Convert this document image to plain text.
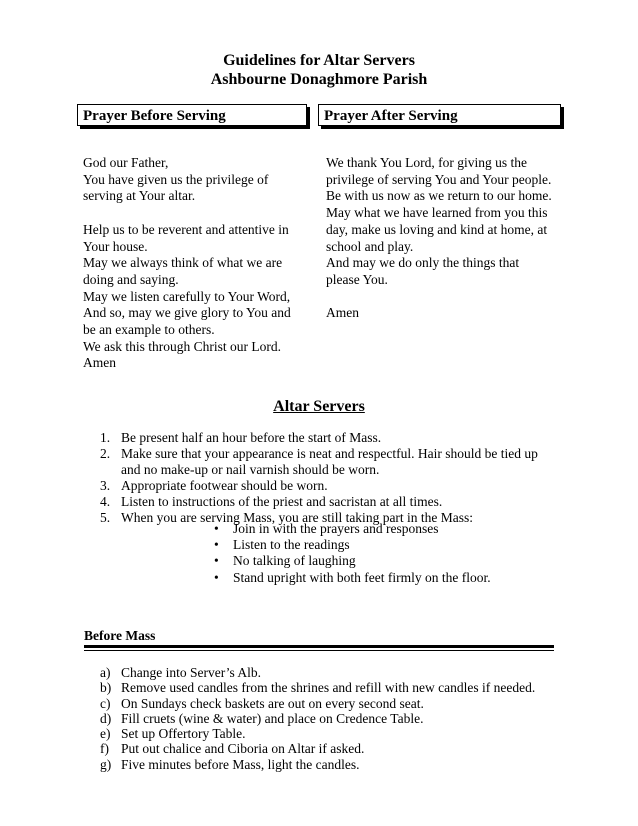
Guidelines for Altar Servers
Ashbourne Donaghmore Parish
Prayer Before Serving	Prayer After Serving

God our Father,

You have given us the privilege of serving at Your altar.

Help us to be reverent and attentive in Your house.

May we always think of what we are doing and saying.

May we listen carefully to Your Word,

And so, may we give glory to You and be an example to others.

We ask this through Christ our Lord.

Amen

We thank You Lord, for giving us the privilege of serving You and Your people.

Be with us now as we return to our home.

May what we have learned from you this day, make us loving and kind at home, at school and play.

And may we do only the things that please You.

Amen

Altar Servers
1. Be present half an hour before the start of Mass.
2. Make sure that your appearance is neat and respectful. Hair should be tied up and no make-up or nail varnish should be worn.
3. Appropriate footwear should be worn.
4. Listen to instructions of the priest and sacristan at all times.
5. When you are serving Mass, you are still taking part in the Mass:
• Join in with the prayers and responses
• Listen to the readings
• No talking of laughing
• Stand upright with both feet firmly on the floor.
Before Mass
a) Change into Server’s Alb.
b) Remove used candles from the shrines and refill with new candles if needed.
c) On Sundays check baskets are out on every second seat.
d) Fill cruets (wine & water) and place on Credence Table.
e) Set up Offertory Table.
f) Put out chalice and Ciboria on Altar if asked.
g) Five minutes before Mass, light the candles.
